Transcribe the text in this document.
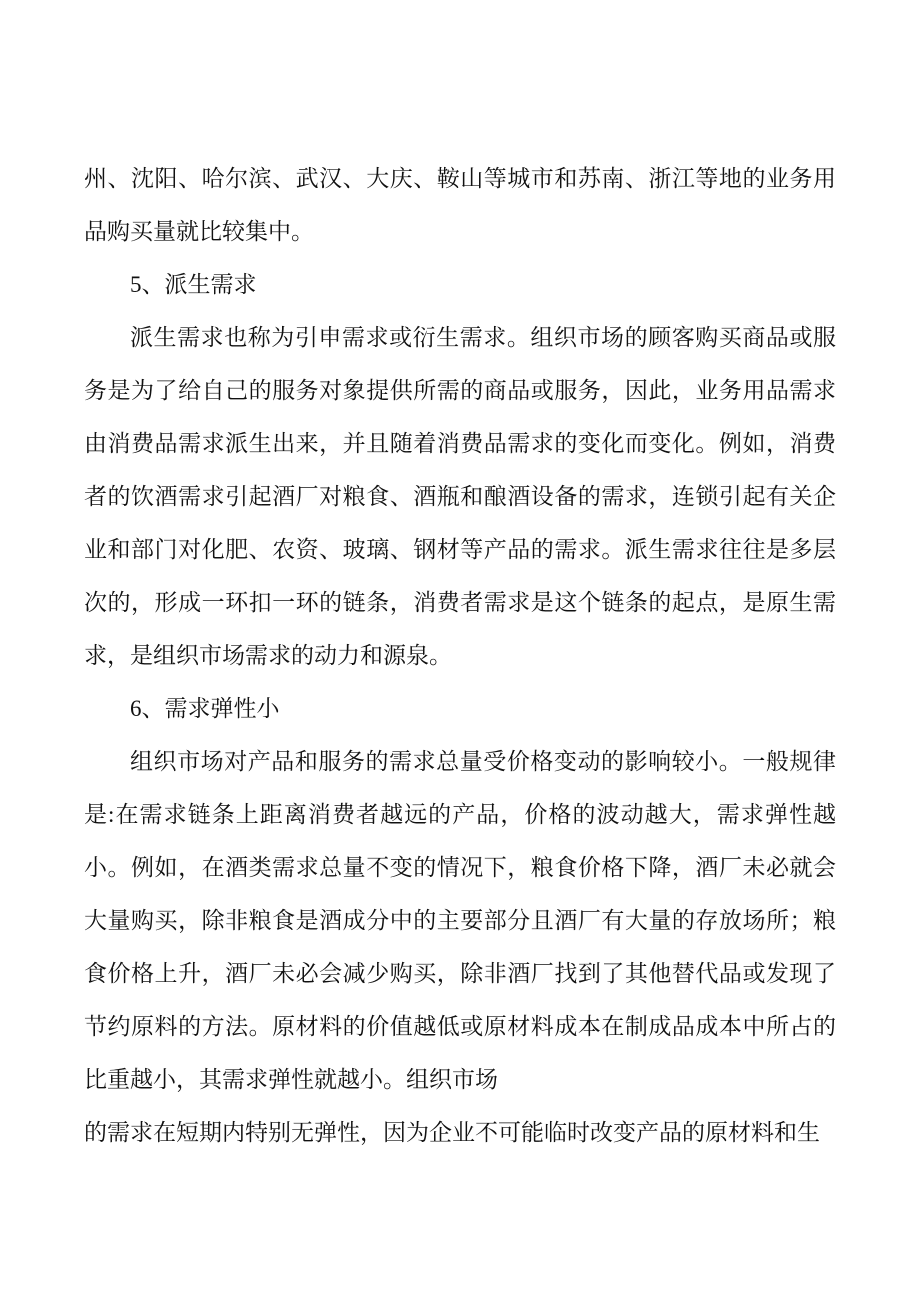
州、沈阳、哈尔滨、武汉、大庆、鞍山等城市和苏南、浙江等地的业务用品购买量就比较集中。

5、派生需求

派生需求也称为引申需求或衍生需求。组织市场的顾客购买商品或服务是为了给自己的服务对象提供所需的商品或服务，因此，业务用品需求由消费品需求派生出来，并且随着消费品需求的变化而变化。例如，消费者的饮酒需求引起酒厂对粮食、酒瓶和酿酒设备的需求，连锁引起有关企业和部门对化肥、农资、玻璃、钢材等产品的需求。派生需求往往是多层次的，形成一环扣一环的链条，消费者需求是这个链条的起点，是原生需求，是组织市场需求的动力和源泉。

6、需求弹性小

组织市场对产品和服务的需求总量受价格变动的影响较小。一般规律是:在需求链条上距离消费者越远的产品，价格的波动越大，需求弹性越小。例如，在酒类需求总量不变的情况下，粮食价格下降，酒厂未必就会大量购买，除非粮食是酒成分中的主要部分且酒厂有大量的存放场所；粮食价格上升，酒厂未必会减少购买，除非酒厂找到了其他替代品或发现了节约原料的方法。原材料的价值越低或原材料成本在制成品成本中所占的比重越小，其需求弹性就越小。组织市场

的需求在短期内特别无弹性，因为企业不可能临时改变产品的原材料和生
